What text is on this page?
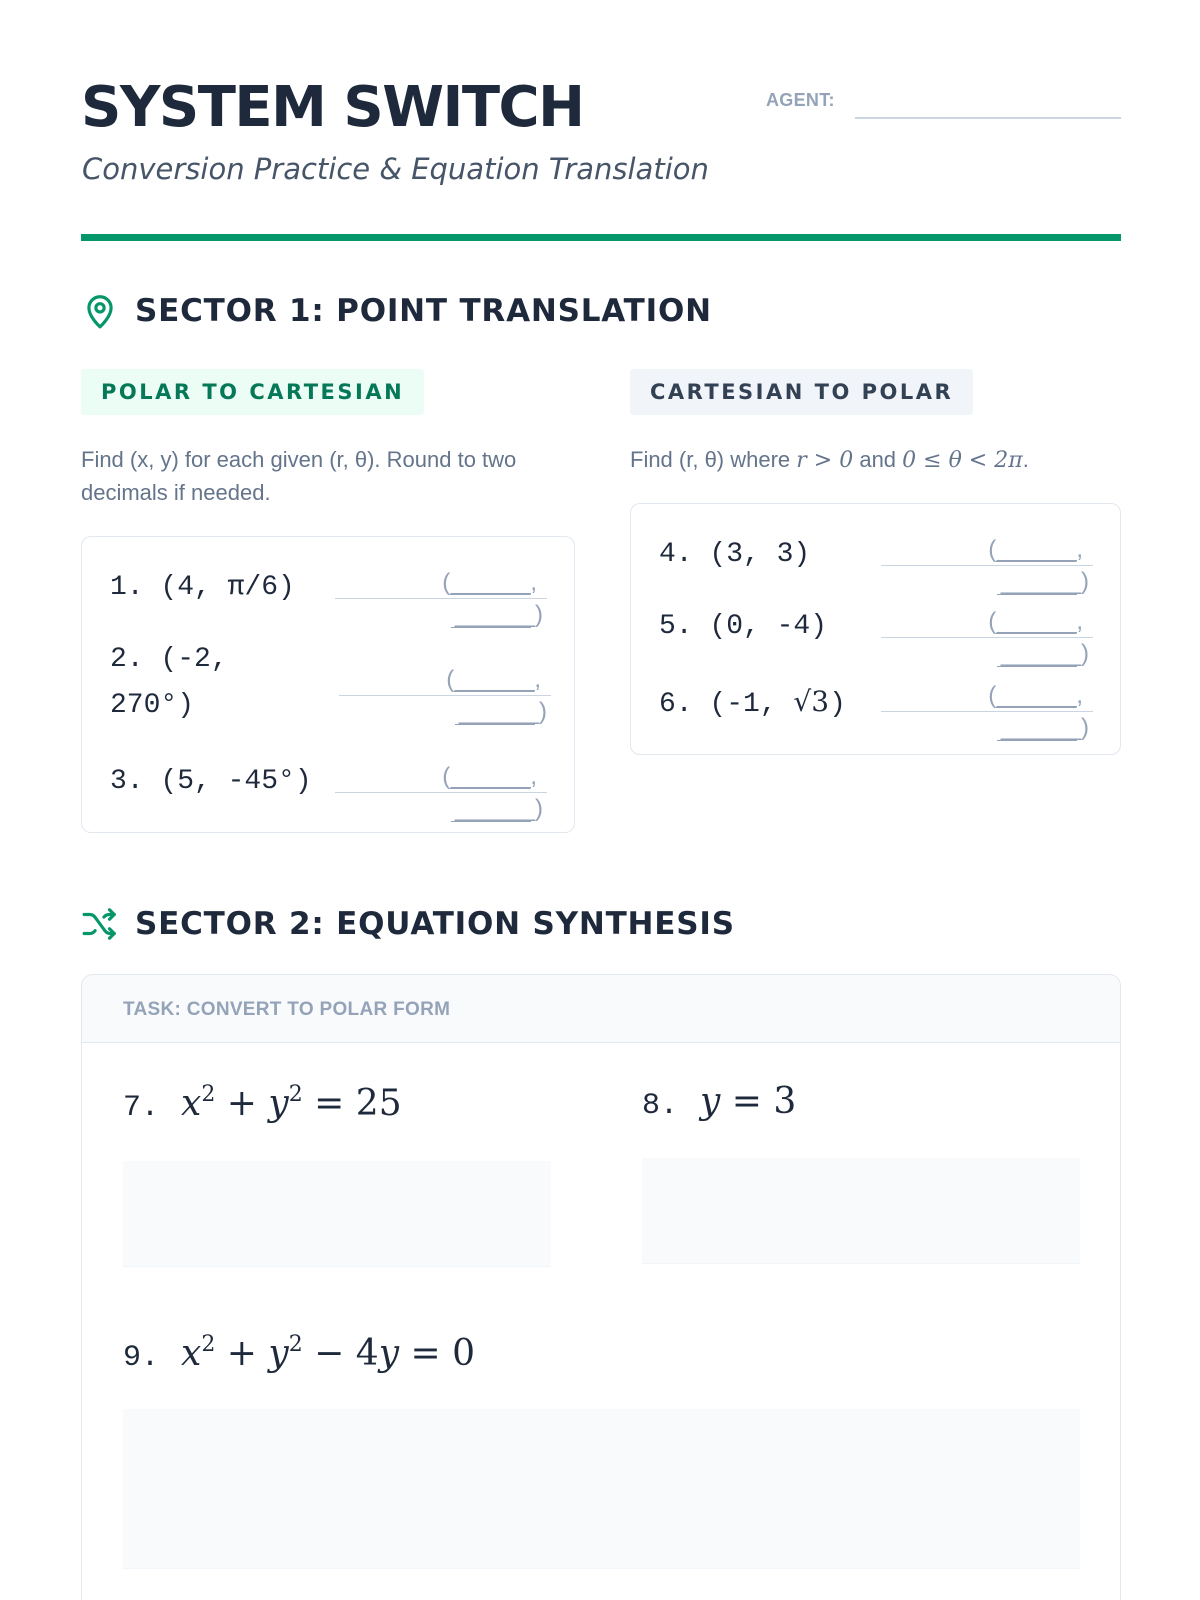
SYSTEM SWITCH
Conversion Practice & Equation Translation
AGENT:
SECTOR 1: POINT TRANSLATION
POLAR TO CARTESIAN	CARTESIAN TO POLAR
Find (x, y) for each given (r, θ). Round to two decimals if needed.
Find (r, θ) where r > 0 and 0 ≤ θ < 2π.
1. (4, π/6)	(______,
______)
2. (-2,
270°)
(______,
______)
3. (5, -45°)	(______,
______)
4. (3, 3)	(______,
______)
5. (0, -4)	(______,
______)
6. (-1, √3)	(______,
______)
SECTOR 2: EQUATION SYNTHESIS
TASK: CONVERT TO POLAR FORM
7. $x^2 + y^2 = 25$	8. y = 3
9. $x^2 + y^2 - 4y = 0$
